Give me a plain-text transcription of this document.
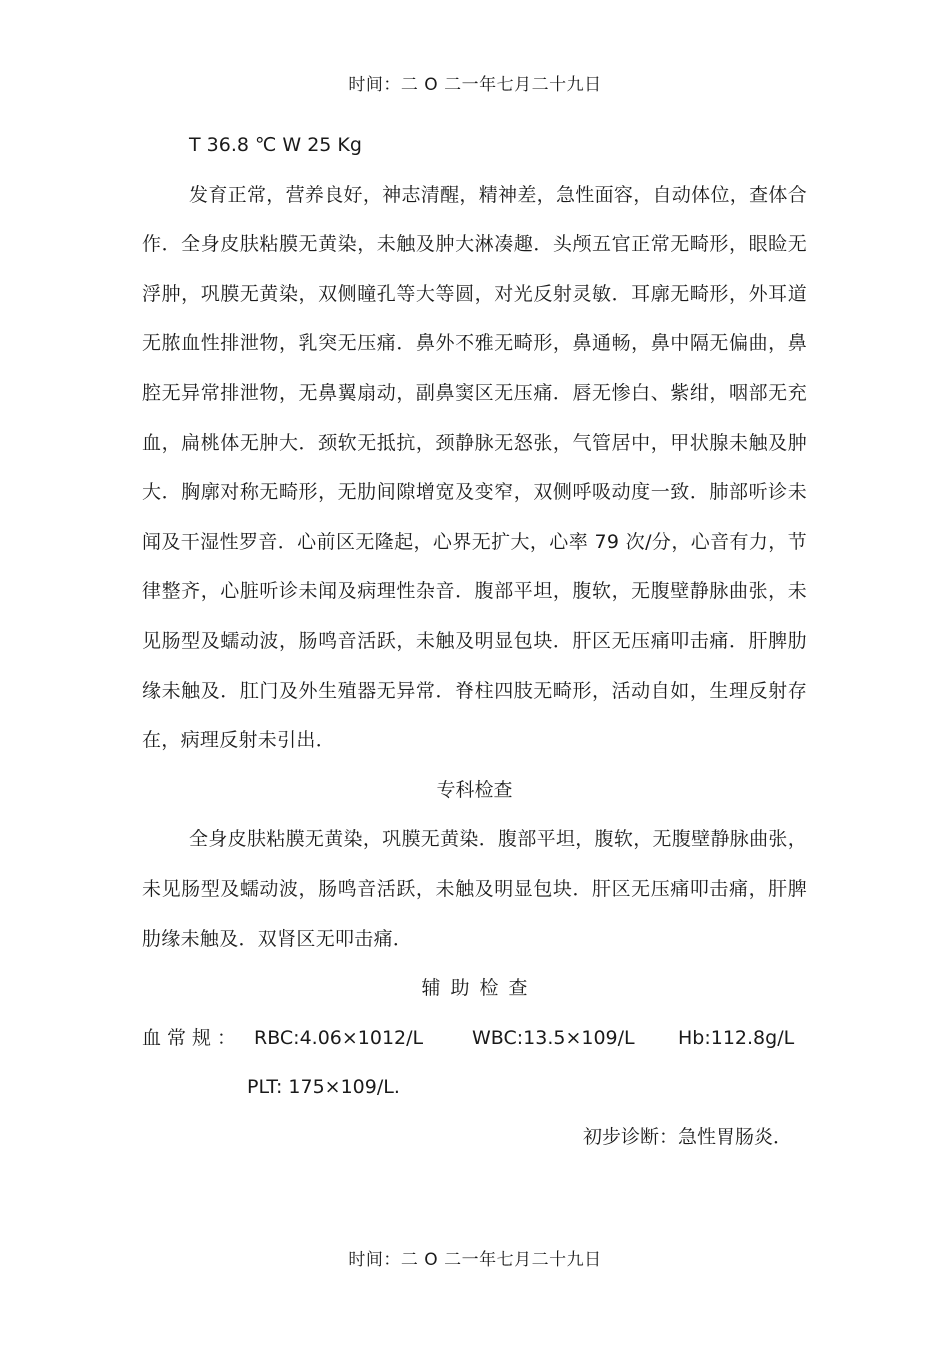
时间：二 O 二一年七月二十九日

T 36.8 ℃ W 25 Kg

发育正常，营养良好，神志清醒，精神差，急性面容，自动体位，查体合作．全身皮肤粘膜无黄染，未触及肿大淋凑趣．头颅五官正常无畸形，眼睑无浮肿，巩膜无黄染，双侧瞳孔等大等圆，对光反射灵敏．耳廓无畸形，外耳道无脓血性排泄物，乳突无压痛．鼻外不雅无畸形，鼻通畅，鼻中隔无偏曲，鼻腔无异常排泄物，无鼻翼扇动，副鼻窦区无压痛．唇无惨白、紫绀，咽部无充血，扁桃体无肿大．颈软无抵抗，颈静脉无怒张，气管居中，甲状腺未触及肿大．胸廓对称无畸形，无肋间隙增宽及变窄，双侧呼吸动度一致．肺部听诊未闻及干湿性罗音．心前区无隆起，心界无扩大，心率 79 次/分，心音有力，节律整齐，心脏听诊未闻及病理性杂音．腹部平坦，腹软，无腹壁静脉曲张，未见肠型及蠕动波，肠鸣音活跃，未触及明显包块．肝区无压痛叩击痛．肝脾肋缘未触及．肛门及外生殖器无异常．脊柱四肢无畸形，活动自如，生理反射存在，病理反射未引出．

专科检查

全身皮肤粘膜无黄染，巩膜无黄染．腹部平坦，腹软，无腹壁静脉曲张，未见肠型及蠕动波，肠鸣音活跃，未触及明显包块．肝区无压痛叩击痛，肝脾肋缘未触及．双肾区无叩击痛．

辅助检查

血常规： RBC:4.06×1012/L	WBC:13.5×109/L Hb:112.8g/L

PLT: 175×109/L.

初步诊断：急性胃肠炎．

时间：二 O 二一年七月二十九日
